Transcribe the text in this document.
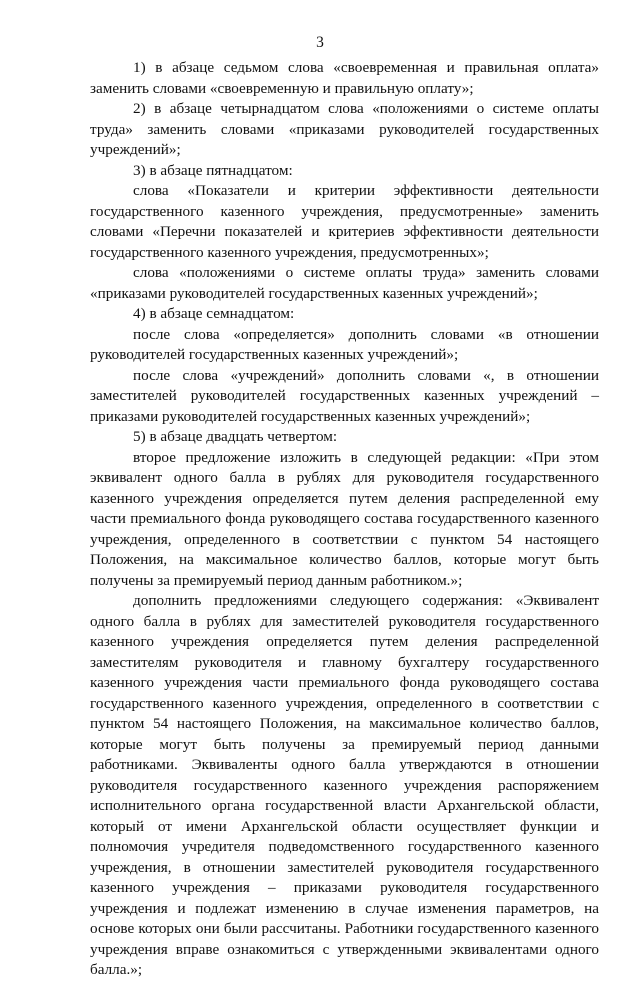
3

1) в абзаце седьмом слова «своевременная и правильная оплата» заменить словами «своевременную и правильную оплату»;

2) в абзаце четырнадцатом слова «положениями о системе оплаты труда» заменить словами «приказами руководителей государственных учреждений»;

3) в абзаце пятнадцатом:

слова «Показатели и критерии эффективности деятельности государственного казенного учреждения, предусмотренные» заменить словами «Перечни показателей и критериев эффективности деятельности государственного казенного учреждения, предусмотренных»;

слова «положениями о системе оплаты труда» заменить словами «приказами руководителей государственных казенных учреждений»;

4) в абзаце семнадцатом:

после слова «определяется» дополнить словами «в отношении руководителей государственных казенных учреждений»;

после слова «учреждений» дополнить словами «, в отношении заместителей руководителей государственных казенных учреждений – приказами руководителей государственных казенных учреждений»;

5) в абзаце двадцать четвертом:

второе предложение изложить в следующей редакции: «При этом эквивалент одного балла в рублях для руководителя государственного казенного учреждения определяется путем деления распределенной ему части премиального фонда руководящего состава государственного казенного учреждения, определенного в соответствии с пунктом 54 настоящего Положения, на максимальное количество баллов, которые могут быть получены за премируемый период данным работником.»;

дополнить предложениями следующего содержания: «Эквивалент одного балла в рублях для заместителей руководителя государственного казенного учреждения определяется путем деления распределенной заместителям руководителя и главному бухгалтеру государственного казенного учреждения части премиального фонда руководящего состава государственного казенного учреждения, определенного в соответствии с пунктом 54 настоящего Положения, на максимальное количество баллов, которые могут быть получены за премируемый период данными работниками. Эквиваленты одного балла утверждаются в отношении руководителя государственного казенного учреждения распоряжением исполнительного органа государственной власти Архангельской области, который от имени Архангельской области осуществляет функции и полномочия учредителя подведомственного государственного казенного учреждения, в отношении заместителей руководителя государственного казенного учреждения – приказами руководителя государственного учреждения и подлежат изменению в случае изменения параметров, на основе которых они были рассчитаны. Работники государственного казенного учреждения вправе ознакомиться с утвержденными эквивалентами одного балла.»;
